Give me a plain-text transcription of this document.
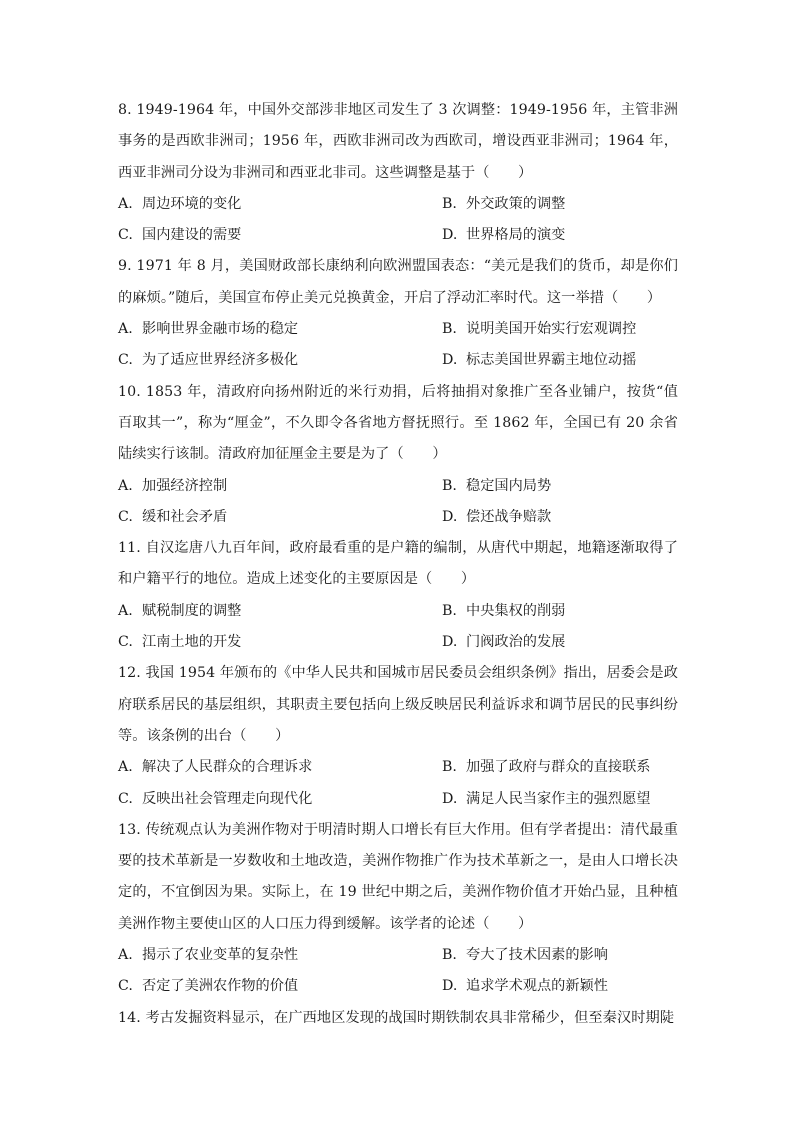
8. 1949-1964 年，中国外交部涉非地区司发生了 3 次调整：1949-1956 年，主管非洲事务的是西欧非洲司；1956 年，西欧非洲司改为西欧司，增设西亚非洲司；1964 年，西亚非洲司分设为非洲司和西亚北非司。这些调整是基于（　　）
A. 周边环境的变化	B. 外交政策的调整
C. 国内建设的需要	D. 世界格局的演变
9. 1971 年 8 月，美国财政部长康纳利向欧洲盟国表态：“美元是我们的货币，却是你们的麻烦。”随后，美国宣布停止美元兑换黄金，开启了浮动汇率时代。这一举措（　　）
A. 影响世界金融市场的稳定	B. 说明美国开始实行宏观调控
C. 为了适应世界经济多极化	D. 标志美国世界霸主地位动摇
10. 1853 年，清政府向扬州附近的米行劝捐，后将抽捐对象推广至各业铺户，按货“值百取其一”，称为“厘金”，不久即令各省地方督抚照行。至 1862 年，全国已有 20 余省陆续实行该制。清政府加征厘金主要是为了（　　）
A. 加强经济控制	B. 稳定国内局势
C. 缓和社会矛盾	D. 偿还战争赔款
11. 自汉迄唐八九百年间，政府最看重的是户籍的编制，从唐代中期起，地籍逐渐取得了和户籍平行的地位。造成上述变化的主要原因是（　　）
A. 赋税制度的调整	B. 中央集权的削弱
C. 江南土地的开发	D. 门阀政治的发展
12. 我国 1954 年颁布的《中华人民共和国城市居民委员会组织条例》指出，居委会是政府联系居民的基层组织，其职责主要包括向上级反映居民利益诉求和调节居民的民事纠纷等。该条例的出台（　　）
A. 解决了人民群众的合理诉求	B. 加强了政府与群众的直接联系
C. 反映出社会管理走向现代化	D. 满足人民当家作主的强烈愿望
13. 传统观点认为美洲作物对于明清时期人口增长有巨大作用。但有学者提出：清代最重要的技术革新是一岁数收和土地改造，美洲作物推广作为技术革新之一，是由人口增长决定的，不宜倒因为果。实际上，在 19 世纪中期之后，美洲作物价值才开始凸显，且种植美洲作物主要使山区的人口压力得到缓解。该学者的论述（　　）
A. 揭示了农业变革的复杂性	B. 夸大了技术因素的影响
C. 否定了美洲农作物的价值	D. 追求学术观点的新颖性
14. 考古发掘资料显示，在广西地区发现的战国时期铁制农具非常稀少，但至秦汉时期陡
